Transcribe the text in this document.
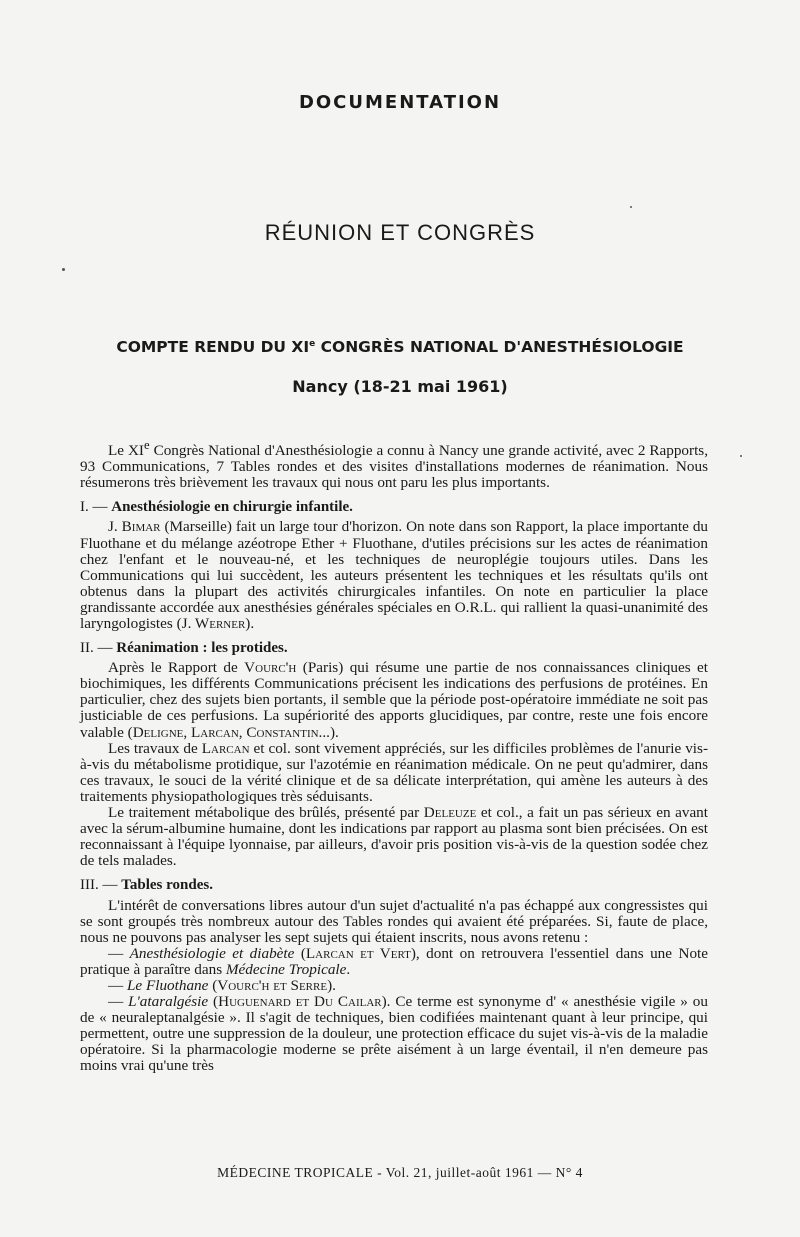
DOCUMENTATION
RÉUNION ET CONGRÈS
COMPTE RENDU DU XIe CONGRÈS NATIONAL D'ANESTHÉSIOLOGIE
Nancy (18-21 mai 1961)

Le XIe Congrès National d'Anesthésiologie a connu à Nancy une grande activité, avec 2 Rapports, 93 Communications, 7 Tables rondes et des visites d'installations modernes de réanimation. Nous résumerons très brièvement les travaux qui nous ont paru les plus importants.

I. — Anesthésiologie en chirurgie infantile.

J. Bimar (Marseille) fait un large tour d'horizon. On note dans son Rapport, la place importante du Fluothane et du mélange azéotrope Ether + Fluothane, d'utiles précisions sur les actes de réanimation chez l'enfant et le nouveau-né, et les techniques de neuroplégie toujours utiles. Dans les Communications qui lui succèdent, les auteurs présentent les techniques et les résultats qu'ils ont obtenus dans la plupart des activités chirurgicales infantiles. On note en particulier la place grandissante accordée aux anesthésies générales spéciales en O.R.L. qui rallient la quasi-unanimité des laryngologistes (J. Werner).

II. — Réanimation : les protides.

Après le Rapport de Vourc'h (Paris) qui résume une partie de nos connaissances cliniques et biochimiques, les différents Communications précisent les indications des perfusions de protéines. En particulier, chez des sujets bien portants, il semble que la période post-opératoire immédiate ne soit pas justiciable de ces perfusions. La supériorité des apports glucidiques, par contre, reste une fois encore valable (Deligne, Larcan, Constantin...).

Les travaux de Larcan et col. sont vivement appréciés, sur les difficiles problèmes de l'anurie vis-à-vis du métabolisme protidique, sur l'azotémie en réanimation médicale. On ne peut qu'admirer, dans ces travaux, le souci de la vérité clinique et de sa délicate interprétation, qui amène les auteurs à des traitements physiopathologiques très séduisants.

Le traitement métabolique des brûlés, présenté par Deleuze et col., a fait un pas sérieux en avant avec la sérum-albumine humaine, dont les indications par rapport au plasma sont bien précisées. On est reconnaissant à l'équipe lyonnaise, par ailleurs, d'avoir pris position vis-à-vis de la question sodée chez de tels malades.

III. — Tables rondes.

L'intérêt de conversations libres autour d'un sujet d'actualité n'a pas échappé aux congressistes qui se sont groupés très nombreux autour des Tables rondes qui avaient été préparées. Si, faute de place, nous ne pouvons pas analyser les sept sujets qui étaient inscrits, nous avons retenu :

— Anesthésiologie et diabète (Larcan et Vert), dont on retrouvera l'essentiel dans une Note pratique à paraître dans Médecine Tropicale.

— Le Fluothane (Vourc'h et Serre).

— L'ataralgésie (Huguenard et Du Cailar). Ce terme est synonyme d' « anesthésie vigile » ou de « neuraleptanalgésie ». Il s'agit de techniques, bien codifiées maintenant quant à leur principe, qui permettent, outre une suppression de la douleur, une protection efficace du sujet vis-à-vis de la maladie opératoire. Si la pharmacologie moderne se prête aisément à un large éventail, il n'en demeure pas moins vrai qu'une très

MÉDECINE TROPICALE - Vol. 21, juillet-août 1961 — N° 4
